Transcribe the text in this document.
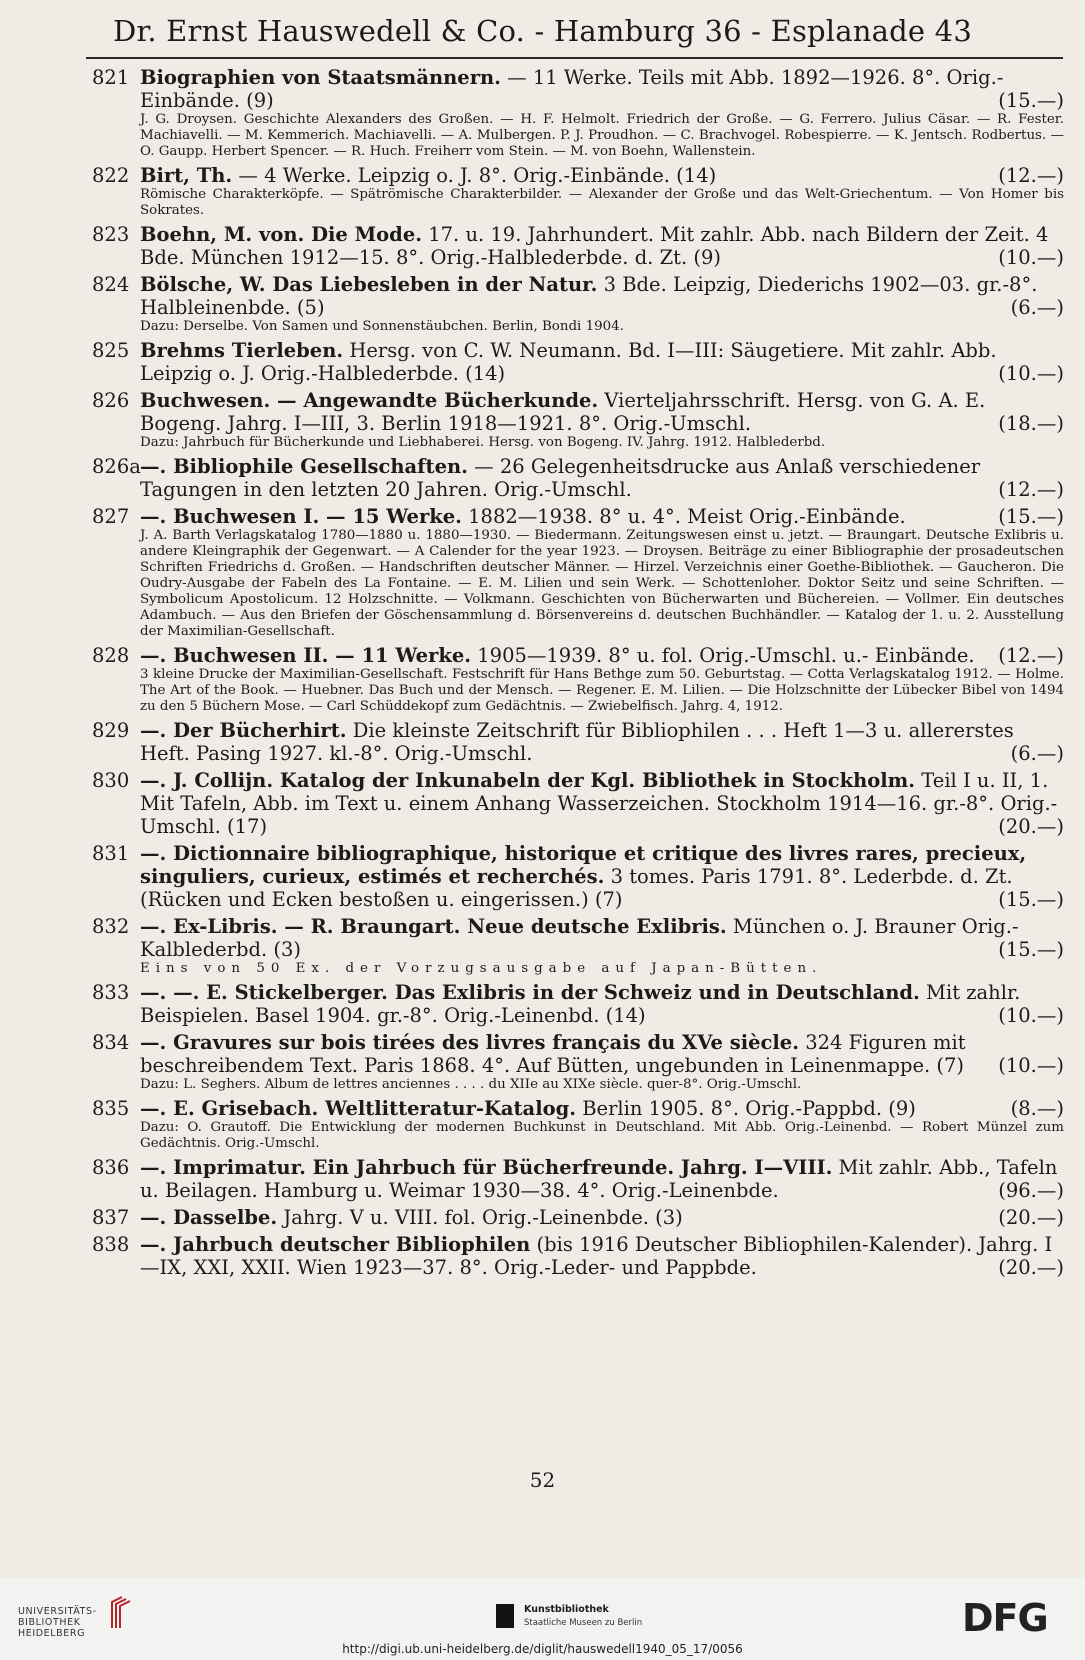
Dr. Ernst Hauswedell & Co. - Hamburg 36 - Esplanade 43
821 Biographien von Staatsmännern. — 11 Werke. Teils mit Abb. 1892—1926. 8°. Orig.-Einbände. (9)	(15.—)
J. G. Droysen. Geschichte Alexanders des Großen. — H. F. Helmolt. Friedrich der Große. — G. Ferrero. Julius Cäsar. — R. Fester. Machiavelli. — M. Kemmerich. Machiavelli. — A. Mulbergen. P. J. Proudhon. — C. Brachvogel. Robespierre. — K. Jentsch. Rodbertus. — O. Gaupp. Herbert Spencer. — R. Huch. Freiherr vom Stein. — M. von Boehn, Wallenstein.
822 Birt, Th. — 4 Werke. Leipzig o. J. 8°. Orig.-Einbände. (14)	(12.—)
Römische Charakterköpfe. — Spätrömische Charakterbilder. — Alexander der Große und das Welt-Griechentum. — Von Homer bis Sokrates.
823 Boehn, M. von. Die Mode. 17. u. 19. Jahrhundert. Mit zahlr. Abb. nach Bildern der Zeit. 4 Bde. München 1912—15. 8°. Orig.-Halblederbde. d. Zt. (9)	(10.—)
824 Bölsche, W. Das Liebesleben in der Natur. 3 Bde. Leipzig, Diederichs 1902—03. gr.-8°. Halbleinenbde. (5)	(6.—)
Dazu: Derselbe. Von Samen und Sonnenstäubchen. Berlin, Bondi 1904.
825 Brehms Tierleben. Hersg. von C. W. Neumann. Bd. I—III: Säugetiere. Mit zahlr. Abb. Leipzig o. J. Orig.-Halblederbde. (14)	(10.—)
826 Buchwesen. — Angewandte Bücherkunde. Vierteljahrsschrift. Hersg. von G. A. E. Bogeng. Jahrg. I—III, 3. Berlin 1918—1921. 8°. Orig.-Umschl.	(18.—)
Dazu: Jahrbuch für Bücherkunde und Liebhaberei. Hersg. von Bogeng. IV. Jahrg. 1912. Halblederbd.
826a —. Bibliophile Gesellschaften. — 26 Gelegenheitsdrucke aus Anlaß verschiedener Tagungen in den letzten 20 Jahren. Orig.-Umschl.	(12.—)
827 —. Buchwesen I. — 15 Werke. 1882—1938. 8° u. 4°. Meist Orig.-Einbände.	(15.—)
J. A. Barth Verlagskatalog 1780—1880 u. 1880—1930. — Biedermann. Zeitungswesen einst u. jetzt. — Braungart. Deutsche Exlibris u. andere Kleingraphik der Gegenwart. — A Calender for the year 1923. — Droysen. Beiträge zu einer Bibliographie der prosadeutschen Schriften Friedrichs d. Großen. — Handschriften deutscher Männer. — Hirzel. Verzeichnis einer Goethe-Bibliothek. — Gaucheron. Die Oudry-Ausgabe der Fabeln des La Fontaine. — E. M. Lilien und sein Werk. — Schottenloher. Doktor Seitz und seine Schriften. — Symbolicum Apostolicum. 12 Holzschnitte. — Volkmann. Geschichten von Bücherwarten und Büchereien. — Vollmer. Ein deutsches Adambuch. — Aus den Briefen der Göschensammlung d. Börsenvereins d. deutschen Buchhändler. — Katalog der 1. u. 2. Ausstellung der Maximilian-Gesellschaft.
828 —. Buchwesen II. — 11 Werke. 1905—1939. 8° u. fol. Orig.-Umschl. u.- Einbände. (12.—)
3 kleine Drucke der Maximilian-Gesellschaft. Festschrift für Hans Bethge zum 50. Geburtstag. — Cotta Verlagskatalog 1912. — Holme. The Art of the Book. — Huebner. Das Buch und der Mensch. — Regener. E. M. Lilien. — Die Holzschnitte der Lübecker Bibel von 1494 zu den 5 Büchern Mose. — Carl Schüddekopf zum Gedächtnis. — Zwiebelfisch. Jahrg. 4, 1912.
829 —. Der Bücherhirt. Die kleinste Zeitschrift für Bibliophilen . . . Heft 1—3 u. allererstes Heft. Pasing 1927. kl.-8°. Orig.-Umschl.	(6.—)
830 —. J. Collijn. Katalog der Inkunabeln der Kgl. Bibliothek in Stockholm. Teil I u. II, 1. Mit Tafeln, Abb. im Text u. einem Anhang Wasserzeichen. Stockholm 1914—16. gr.-8°. Orig.-Umschl. (17)	(20.—)
831 —. Dictionnaire bibliographique, historique et critique des livres rares, precieux, singuliers, curieux, estimés et recherchés. 3 tomes. Paris 1791. 8°. Lederbde. d. Zt. (Rücken und Ecken bestoßen u. eingerissen.) (7)	(15.—)
832 —. Ex-Libris. — R. Braungart. Neue deutsche Exlibris. München o. J. Brauner Orig.-Kalblederbd. (3)	(15.—)
Eins von 50 Ex. der Vorzugsausgabe auf Japan-Bütten.
833 —. —. E. Stickelberger. Das Exlibris in der Schweiz und in Deutschland. Mit zahlr. Beispielen. Basel 1904. gr.-8°. Orig.-Leinenbd. (14)	(10.—)
834 —. Gravures sur bois tirées des livres français du XVe siècle. 324 Figuren mit beschreibendem Text. Paris 1868. 4°. Auf Bütten, ungebunden in Leinenmappe. (7) (10.—)
Dazu: L. Seghers. Album de lettres anciennes . . . . du XIIe au XIXe siècle. quer-8°. Orig.-Umschl.
835 —. E. Grisebach. Weltlitteratur-Katalog. Berlin 1905. 8°. Orig.-Pappbd. (9)	(8.—)
Dazu: O. Grautoff. Die Entwicklung der modernen Buchkunst in Deutschland. Mit Abb. Orig.-Leinenbd. — Robert Münzel zum Gedächtnis. Orig.-Umschl.
836 —. Imprimatur. Ein Jahrbuch für Bücherfreunde. Jahrg. I—VIII. Mit zahlr. Abb., Tafeln u. Beilagen. Hamburg u. Weimar 1930—38. 4°. Orig.-Leinenbde.	(96.—)
837 —. Dasselbe. Jahrg. V u. VIII. fol. Orig.-Leinenbde. (3)	(20.—)
838 —. Jahrbuch deutscher Bibliophilen (bis 1916 Deutscher Bibliophilen-Kalender). Jahrg. I—IX, XXI, XXII. Wien 1923—37. 8°. Orig.-Leder- und Pappbde.	(20.—)
52
UNIVERSITÄTS-
BIBLIOTHEK
HEIDELBERG
Kunstbibliothek
Staatliche Museen zu Berlin	DFG
http://digi.ub.uni-heidelberg.de/diglit/hauswedell1940_05_17/0056
